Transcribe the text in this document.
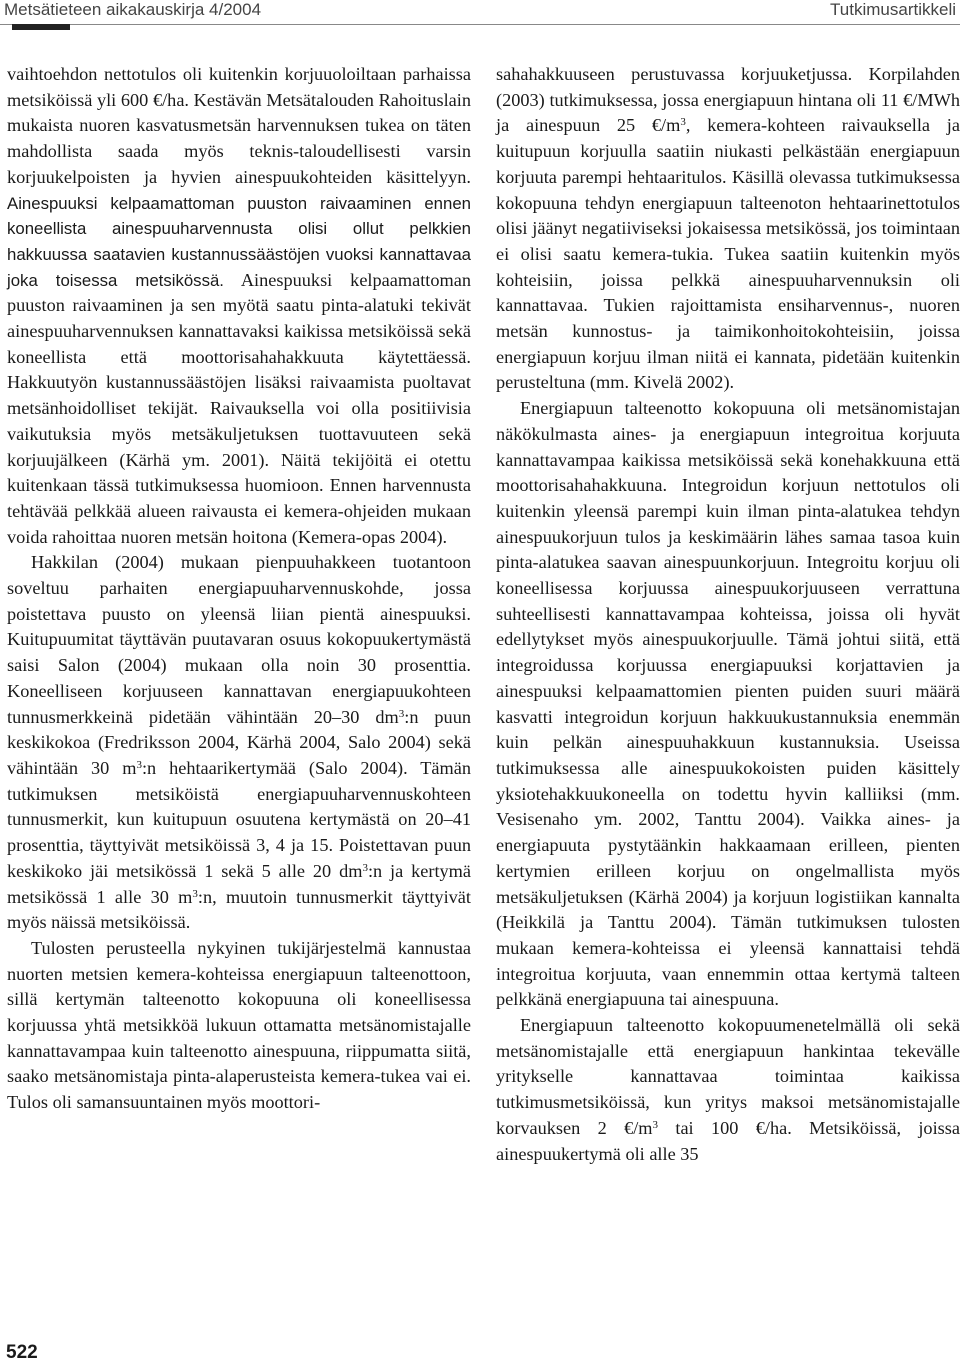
Metsätieteen aikakauskirja 4/2004	Tutkimusartikkeli

vaihtoehdon nettotulos oli kuitenkin korjuuoloiltaan parhaissa metsiköissä yli 600 €/ha. Kestävän Metsätalouden Rahoituslain mukaista nuoren kasvatusmetsän harvennuksen tukea on täten mahdollista saada myös teknis-taloudellisesti varsin korjuukelpoisten ja hyvien ainespuukohteiden käsittelyyn. Ainespuuksi kelpaamattoman puuston raivaaminen ennen koneellista ainespuuharvennusta olisi ollut pelkkien hakkuussa saatavien kustannussäästöjen vuoksi kannattavaa joka toisessa metsikössä. Ainespuuksi kelpaamattoman puuston raivaaminen ja sen myötä saatu pinta-alatuki tekivät ainespuuharvennuksen kannattavaksi kaikissa metsiköissä sekä koneellista että moottorisahahakkuuta käytettäessä. Hakkuutyön kustannussäästöjen lisäksi raivaamista puoltavat metsänhoidolliset tekijät. Raivauksella voi olla positiivisia vaikutuksia myös metsäkuljetuksen tuottavuuteen sekä korjuujälkeen (Kärhä ym. 2001). Näitä tekijöitä ei otettu kuitenkaan tässä tutkimuksessa huomioon. Ennen harvennusta tehtävää pelkkää alueen raivausta ei kemera-ohjeiden mukaan voida rahoittaa nuoren metsän hoitona (Kemera-opas 2004).

Hakkilan (2004) mukaan pienpuuhakkeen tuotantoon soveltuu parhaiten energiapuuharvennuskohde, jossa poistettava puusto on yleensä liian pientä ainespuuksi. Kuitupuumitat täyttävän puutavaran osuus kokopuukertymästä saisi Salon (2004) mukaan olla noin 30 prosenttia. Koneelliseen korjuuseen kannattavan energiapuukohteen tunnusmerkkeinä pidetään vähintään 20–30 $dm^3:n$ puun keskikokoa (Fredriksson 2004, Kärhä 2004, Salo 2004) sekä vähintään 30 $m^3:n$ hehtaarikertymää (Salo 2004). Tämän tutkimuksen metsiköistä energiapuuharvennuskohteen tunnusmerkit, kun kuitupuun osuutena kertymästä on 20–41 prosenttia, täyttyivät metsiköissä 3, 4 ja 15. Poistettavan puun keskikoko jäi metsikössä 1 sekä 5 alle 20 $dm^3:n$ ja kertymä metsikössä 1 alle 30 $m^3:n$, muutoin tunnusmerkit täyttyivät myös näissä metsiköissä.

Tulosten perusteella nykyinen tukijärjestelmä kannustaa nuorten metsien kemera-kohteissa energiapuun talteenottoon, sillä kertymän talteenotto kokopuuna oli koneellisessa korjuussa yhtä metsikköä lukuun ottamatta metsänomistajalle kannattavampaa kuin talteenotto ainespuuna, riippumatta siitä, saako metsänomistaja pinta-alaperusteista kemera-tukea vai ei. Tulos oli samansuuntainen myös moottori-

sahahakkuuseen perustuvassa korjuuketjussa. Korpilahden (2003) tutkimuksessa, jossa energiapuun hintana oli 11 €/MWh ja ainespuun 25 $€/m^3$, kemera-kohteen raivauksella ja kuitupuun korjuulla saatiin niukasti pelkästään energiapuun korjuuta parempi hehtaaritulos. Käsillä olevassa tutkimuksessa kokopuuna tehdyn energiapuun talteenoton hehtaarinettotulos olisi jäänyt negatiiviseksi jokaisessa metsikössä, jos toimintaan ei olisi saatu kemera-tukia. Tukea saatiin kuitenkin myös kohteisiin, joissa pelkkä ainespuuharvennuksin oli kannattavaa. Tukien rajoittamista ensiharvennus-, nuoren metsän kunnostus- ja taimikonhoitokohteisiin, joissa energiapuun korjuu ilman niitä ei kannata, pidetään kuitenkin perusteltuna (mm. Kivelä 2002).

Energiapuun talteenotto kokopuuna oli metsänomistajan näkökulmasta aines- ja energiapuun integroitua korjuuta kannattavampaa kaikissa metsiköissä sekä konehakkuuna että moottorisahahakkuuna. Integroidun korjuun nettotulos oli kuitenkin yleensä parempi kuin ilman pinta-alatukea tehdyn ainespuukorjuun tulos ja keskimäärin lähes samaa tasoa kuin pinta-alatukea saavan ainespuunkorjuun. Integroitu korjuu oli koneellisessa korjuussa ainespuukorjuuseen verrattuna suhteellisesti kannattavampaa kohteissa, joissa oli hyvät edellytykset myös ainespuukorjuulle. Tämä johtui siitä, että integroidussa korjuussa energiapuuksi korjattavien ja ainespuuksi kelpaamattomien pienten puiden suuri määrä kasvatti integroidun korjuun hakkuukustannuksia enemmän kuin pelkän ainespuuhakkuun kustannuksia. Useissa tutkimuksessa alle ainespuukokoisten puiden käsittely yksiotehakkuukoneella on todettu hyvin kalliiksi (mm. Vesisenaho ym. 2002, Tanttu 2004). Vaikka aines- ja energiapuuta pystytäänkin hakkaamaan erilleen, pienten kertymien erilleen korjuu on ongelmallista myös metsäkuljetuksen (Kärhä 2004) ja korjuun logistiikan kannalta (Heikkilä ja Tanttu 2004). Tämän tutkimuksen tulosten mukaan kemera-kohteissa ei yleensä kannattaisi tehdä integroitua korjuuta, vaan ennemmin ottaa kertymä talteen pelkkänä energiapuuna tai ainespuuna.

Energiapuun talteenotto kokopuumenetelmällä oli sekä metsänomistajalle että energiapuun hankintaa tekevälle yritykselle kannattavaa toimintaa kaikissa tutkimusmetsiköissä, kun yritys maksoi metsänomistajalle korvauksen 2 $€/m^3$ tai 100 €/ha. Metsiköissä, joissa ainespuukertymä oli alle 35

522
